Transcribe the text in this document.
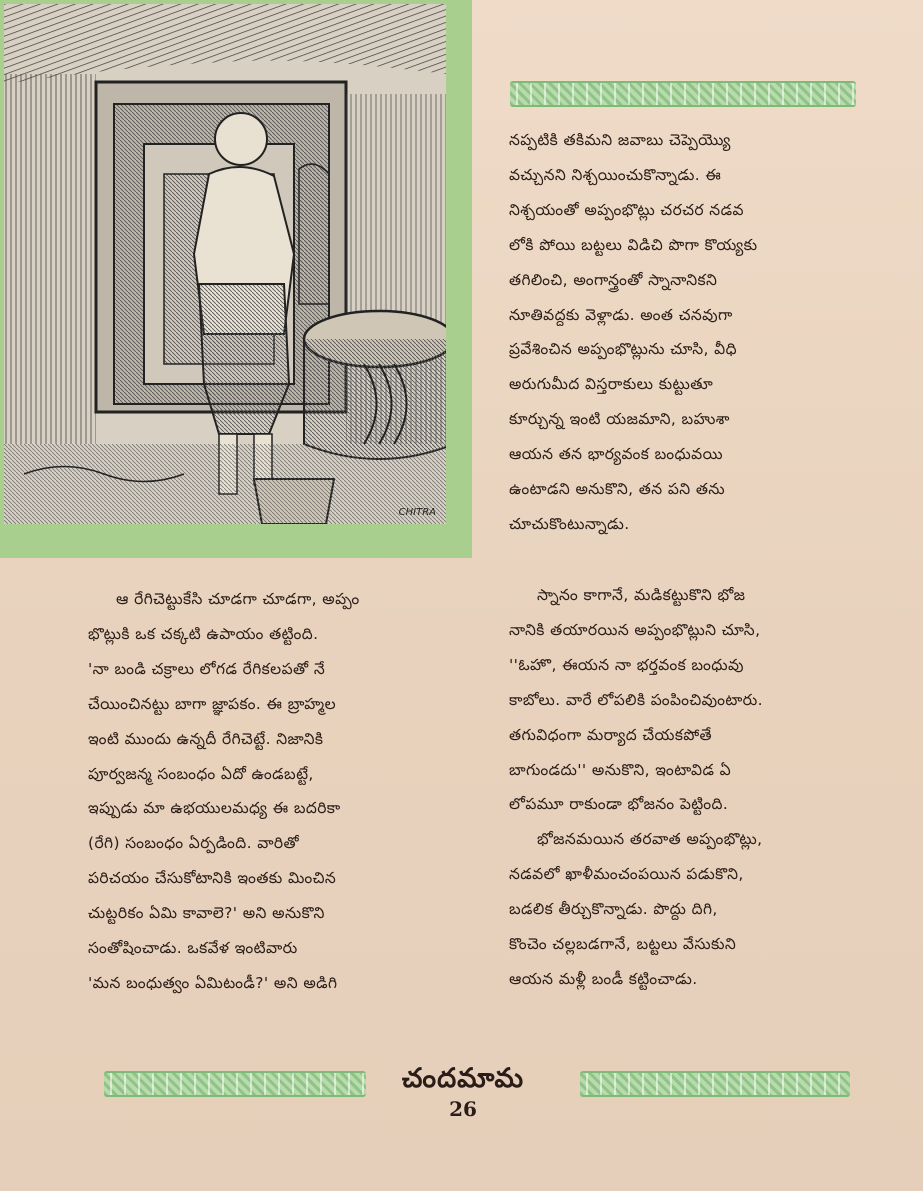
CHITRA

నప్పటికి తకిమని జవాబు చెప్పెయ్యొ

వచ్చునని నిశ్చయించుకొన్నాడు. ఈ

నిశ్చయంతో అప్పంభొట్లు చరచర నడవ

లోకి పోయి బట్టలు విడిచి పొగా కొయ్యకు

తగిలించి, అంగాన్త్రంతో స్నానానికని

నూతివద్దకు వెళ్లాడు. అంత చనవుగా

ప్రవేశించిన అప్పంభొట్లును చూసి, వీధి

అరుగుమీద విస్తరాకులు కుట్టుతూ

కూర్చున్న ఇంటి యజమాని, బహుశా

ఆయన తన భార్యవంక బంధువయి

ఉంటాడని అనుకొని, తన పని తను

చూచుకొంటున్నాడు.

స్నానం కాగానే, మడికట్టుకొని భోజ

నానికి తయారయిన అప్పంభొట్లుని చూసి,

''ఓహొ, ఈయన నా భర్తవంక బంధువు

కాబోలు. వారే లోపలికి పంపించివుంటారు.

తగువిధంగా మర్యాద చేయకపోతే

బాగుండదు'' అనుకొని, ఇంటావిడ ఏ

లోపమూ రాకుండా భోజనం పెట్టింది.

భోజనమయిన తరవాత అప్పంభొట్లు,

నడవలో ఖాళీమంచంపయిన పడుకొని,

బడలిక తీర్చుకొన్నాడు. పొద్దు దిగి,

కొంచెం చల్లబడగానే, బట్టలు వేసుకుని

ఆయన మళ్లీ బండీ కట్టించాడు.

ఆ రేగిచెట్టుకేసి చూడగా చూడగా, అప్పం

భొట్లుకి ఒక చక్కటి ఉపాయం తట్టింది.

'నా బండి చక్రాలు లోగడ రేగికలపతో నే

చేయించినట్టు బాగా జ్ఞాపకం. ఈ బ్రాహ్మల

ఇంటి ముందు ఉన్నదీ రేగిచెట్టే. నిజానికి

పూర్వజన్మ సంబంధం ఏదో ఉండబట్టే,

ఇప్పుడు మా ఉభయులమధ్య ఈ బదరికా

(రేగి) సంబంధం ఏర్పడింది. వారితో

పరిచయం చేసుకోటానికి ఇంతకు మించిన

చుట్టరికం ఏమి కావాలె?' అని అనుకొని

సంతోషించాడు. ఒకవేళ ఇంటివారు

'మన బంధుత్వం ఏమిటండీ?' అని అడిగి

చందమామ
26
